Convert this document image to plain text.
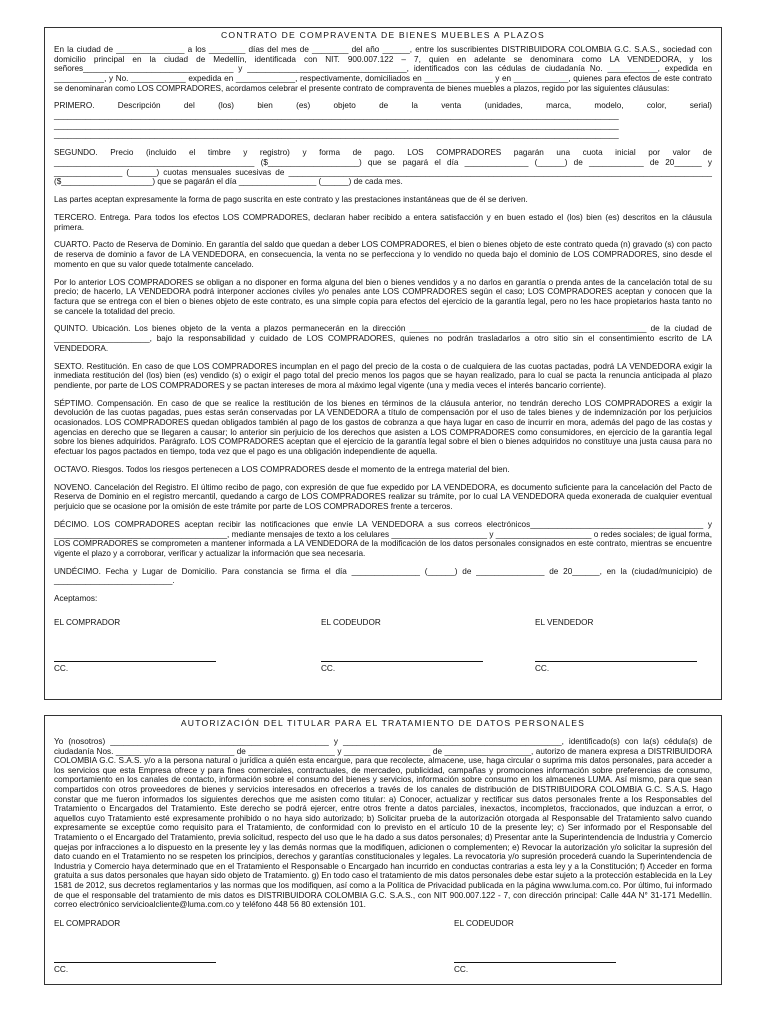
CONTRATO DE COMPRAVENTA DE BIENES MUEBLES A PLAZOS

En la ciudad de _______________ a los ________ días del mes de ________ del año ______, entre los suscribientes DISTRIBUIDORA COLOMBIA G.C. S.A.S., sociedad con domicilio principal en la ciudad de Medellín, identificada con NIT. 900.007.122 – 7, quien en adelante se denominara como LA VENDEDORA, y los señores_________________________________ y ___________________________________, identificados con las cédulas de ciudadanía No. ___________, expedida en ___________, y No. ____________ expedida en _____________, respectivamente, domiciliados en _______________ y en ____________, quienes para efectos de este contrato se denominaran como LOS COMPRADORES, acordamos celebrar el presente contrato de compraventa de bienes muebles a plazos, regido por las siguientes cláusulas:

PRIMERO. Descripción del (los) bien (es) objeto de la venta (unidades, marca, modelo, color, serial) ____________________________________________________________________________________________________________________________ ____________________________________________________________________________________________________________________________ ____________________________________________________________________________________________________________________________

SEGUNDO. Precio (incluido el timbre y registro) y forma de pago. LOS COMPRADORES pagarán una cuota inicial por valor de ____________________________________________ ($____________________) que se pagará el día ______________ (______) de ____________ de 20______ y _______________ (______) cuotas mensuales sucesivas de _____________________________________________________________________________________________ ($____________________) que se pagarán el día _________________ (______) de cada mes.

Las partes aceptan expresamente la forma de pago suscrita en este contrato y las prestaciones instantáneas que de él se deriven.

TERCERO. Entrega. Para todos los efectos LOS COMPRADORES, declaran haber recibido a entera satisfacción y en buen estado el (los) bien (es) descritos en la cláusula primera.

CUARTO. Pacto de Reserva de Dominio. En garantía del saldo que quedan a deber LOS COMPRADORES, el bien o bienes objeto de este contrato queda (n) gravado (s) con pacto de reserva de dominio a favor de LA VENDEDORA, en consecuencia, la venta no se perfecciona y lo vendido no queda bajo el dominio de LOS COMPRADORES, sino desde el momento en que su valor quede totalmente cancelado.

Por lo anterior LOS COMPRADORES se obligan a no disponer en forma alguna del bien o bienes vendidos y a no darlos en garantía o prenda antes de la cancelación total de su precio; de hacerlo, LA VENDEDORA podrá interponer acciones civiles y/o penales ante LOS COMPRADORES según el caso; LOS COMPRADORES aceptan y conocen que la factura que se entrega con el bien o bienes objeto de este contrato, es una simple copia para efectos del ejercicio de la garantía legal, pero no les hace propietarios hasta tanto no se cancele la totalidad del precio.

QUINTO. Ubicación. Los bienes objeto de la venta a plazos permanecerán en la dirección ____________________________________________________ de la ciudad de _____________________, bajo la responsabilidad y cuidado de LOS COMPRADORES, quienes no podrán trasladarlos a otro sitio sin el consentimiento escrito de LA VENDEDORA.

SEXTO. Restitución. En caso de que LOS COMPRADORES incumplan en el pago del precio de la costa o de cualquiera de las cuotas pactadas, podrá LA VENDEDORA exigir la inmediata restitución del (los) bien (es) vendido (s) o exigir el pago total del precio menos los pagos que se hayan realizado, para lo cual se pacta la renuncia anticipada al plazo pendiente, por parte de LOS COMPRADORES y se pactan intereses de mora al máximo legal vigente (una y media veces el interés bancario corriente).

SÉPTIMO. Compensación. En caso de que se realice la restitución de los bienes en términos de la cláusula anterior, no tendrán derecho LOS COMPRADORES a exigir la devolución de las cuotas pagadas, pues estas serán conservadas por LA VENDEDORA a título de compensación por el uso de tales bienes y de indemnización por los perjuicios ocasionados. LOS COMPRADORES quedan obligados también al pago de los gastos de cobranza a que haya lugar en caso de incurrir en mora, además del pago de las costas y agencias en derecho que se llegaren a causar; lo anterior sin perjuicio de los derechos que asisten a LOS COMPRADORES como consumidores, en ejercicio de la garantía legal sobre los bienes adquiridos. Parágrafo. LOS COMPRADORES aceptan que el ejercicio de la garantía legal sobre el bien o bienes adquiridos no constituye una justa causa para no efectuar los pagos pactados en tiempo, toda vez que el pago es una obligación independiente de aquella.

OCTAVO. Riesgos. Todos los riesgos pertenecen a LOS COMPRADORES desde el momento de la entrega material del bien.

NOVENO. Cancelación del Registro. El último recibo de pago, con expresión de que fue expedido por LA VENDEDORA, es documento suficiente para la cancelación del Pacto de Reserva de Dominio en el registro mercantil, quedando a cargo de LOS COMPRADORES realizar su trámite, por lo cual LA VENDEDORA queda exonerada de cualquier eventual perjuicio que se ocasione por la omisión de este trámite por parte de LOS COMPRADORES frente a terceros.

DÉCIMO. LOS COMPRADORES aceptan recibir las notificaciones que envíe LA VENDEDORA a sus correos electrónicos______________________________________ y ______________________________________, mediante mensajes de texto a los celulares _____________________ y _____________________ o redes sociales; de igual forma, LOS COMPRADORES se comprometen a mantener informada a LA VENDEDORA de la modificación de los datos personales consignados en este contrato, mientras se encuentre vigente el plazo y a corroborar, verificar y actualizar la información que sea necesaria.

UNDÉCIMO. Fecha y Lugar de Domicilio. Para constancia se firma el día _______________ (______) de _______________ de 20______, en la (ciudad/municipio) de __________________________.

Aceptamos:

EL COMPRADOR
CC.
EL CODEUDOR
CC.
EL VENDEDOR
CC.
AUTORIZACIÓN DEL TITULAR PARA EL TRATAMIENTO DE DATOS PERSONALES

Yo (nosotros) ________________________________________________ y ________________________________________________, identificado(s) con la(s) cédula(s) de ciudadanía Nos. __________________________ de ___________________ y ___________________ de ___________________, autorizo de manera expresa a DISTRIBUIDORA COLOMBIA G.C. S.A.S. y/o a la persona natural o jurídica a quién esta encargue, para que recolecte, almacene, use, haga circular o suprima mis datos personales, para acceder a los servicios que esta Empresa ofrece y para fines comerciales, contractuales, de mercadeo, publicidad, campañas y promociones información sobre preferencias de consumo, comportamiento en los canales de contacto, información sobre el consumo del bienes y servicios, información sobre consumo en los almacenes LUMA. Así mismo, para que sean compartidos con otros proveedores de bienes y servicios interesados en ofrecerlos a través de los canales de distribución de DISTRIBUIDORA COLOMBIA G.C. S.A.S. Hago constar que me fueron informados los siguientes derechos que me asisten como titular: a) Conocer, actualizar y rectificar sus datos personales frente a los Responsables del Tratamiento o Encargados del Tratamiento. Este derecho se podrá ejercer, entre otros frente a datos parciales, inexactos, incompletos, fraccionados, que induzcan a error, o aquellos cuyo Tratamiento esté expresamente prohibido o no haya sido autorizado; b) Solicitar prueba de la autorización otorgada al Responsable del Tratamiento salvo cuando expresamente se exceptúe como requisito para el Tratamiento, de conformidad con lo previsto en el artículo 10 de la presente ley; c) Ser informado por el Responsable del Tratamiento o el Encargado del Tratamiento, previa solicitud, respecto del uso que le ha dado a sus datos personales; d) Presentar ante la Superintendencia de Industria y Comercio quejas por infracciones a lo dispuesto en la presente ley y las demás normas que la modifiquen, adicionen o complementen; e) Revocar la autorización y/o solicitar la supresión del dato cuando en el Tratamiento no se respeten los principios, derechos y garantías constitucionales y legales. La revocatoria y/o supresión procederá cuando la Superintendencia de Industria y Comercio haya determinado que en el Tratamiento el Responsable o Encargado han incurrido en conductas contrarias a esta ley y a la Constitución; f) Acceder en forma gratuita a sus datos personales que hayan sido objeto de Tratamiento. g) En todo caso el tratamiento de mis datos personales debe estar sujeto a la protección establecida en la Ley 1581 de 2012, sus decretos reglamentarios y las normas que los modifiquen, así como a la Política de Privacidad publicada en la página www.luma.com.co. Por último, fui informado de que el responsable del tratamiento de mis datos es DISTRIBUIDORA COLOMBIA G.C. S.A.S., con NIT 900.007.122 - 7, con dirección principal: Calle 44A N° 31-171 Medellín. correo electrónico servicioalcliente@luma.com.co y teléfono 448 56 80 extensión 101.

EL COMPRADOR
CC.
EL CODEUDOR
CC.
